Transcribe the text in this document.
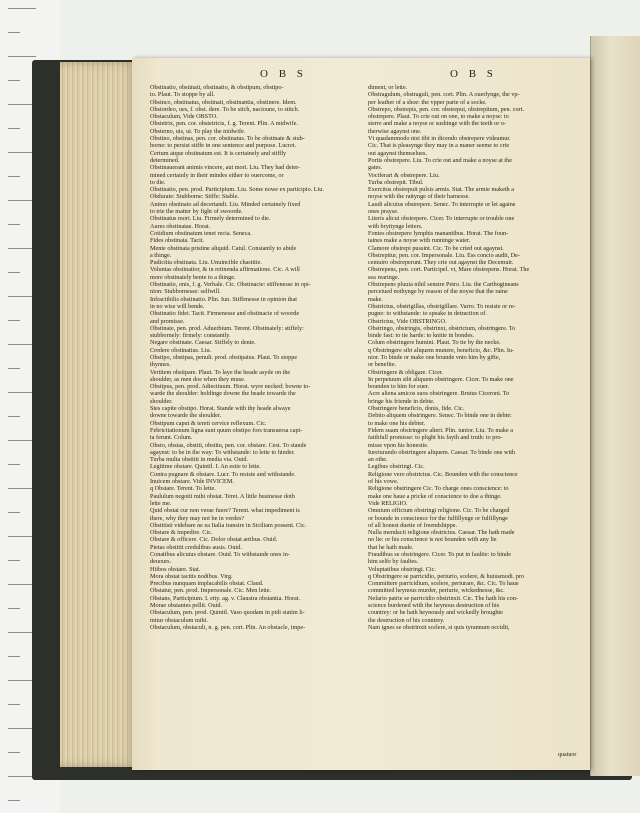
O B S	O B S
Obstinatio, obstinati, obstinatio, & obstipum, obstipo-
to. Plaut. To stoppe by all.
Obsinco, obstinatus, obstinati, obstinantia, obstinere. Idem.
Obstordeo, ues, f. obsi. dere. To be sitch, nacioune, to stitch.
Obstaculum, Vide OBSTO.
Obstetrix, pen. cor. obstetricis, f. g. Terent. Plin. A midwife.
Obsterno, uis, ui. To play the midwife.
Obstino, obstinas, pen. cor. obstinatus. To be obstinate & stub-
borne: to persist stiffe in one sentence and purpose. Lucret.
Certum atque obstinatum est. It is certainely and stiffly
determined.
Obstinauerant animis vincere, aut mori. Liu. They had deter-
mined certainly in their mindes either to ouercome, or
to die.
Obstinatio, pen. prod. Participium. Liu. Some nowe ex participio. Liu.
Obdurate: Stubborne: Stiffe: Stable.
Animo obstinato ad decertandi. Liu. Minded certainely fixed
to trie the matter by fight of swoorde.
Obstinatus mori. Liu. Firmely determined to die.
Aures obstinatae. Horat.
Cotidium obstinatum tenet recia. Seneca.
Fides obstinata. Tacit.
Mente obstinata pristine aliquid. Catul. Constantly to abide
a thinge.
Pudicitia obstinata. Liu. Unuincible chastitie.
Voluntas obstinatior, & in retinenda affirmatione. Cic. A will
more obstinately bente to a thinge.
Obstinatio, onis, f. g. Verbale. Cic. Obstinacie: stiffenesse in opi-
nion: Stubbornesse: selfwill.
Infractibilis obstinatio. Plin. Iun. Stiffenesse in opinion that
in no wise will bende.
Obstinatio fidei. Tacit. Firmenesse and obstinacie of woorde
and promisse.
Obstinate, pen. prod. Aduerbium. Terent. Obstinately: stiffely:
stubbornely: firmely: constantly.
Negare obstinate. Caesar. Stiffely to denie.
Credere obstinatius. Liu.
Obstipo, obstipas, penult. prod. obstipatus. Plaut. To stoppe
thynnes.
Vertitem obstipare. Plaut. To laye the heade asyde on the
shoulder, as men doe when they muse.
Obstipus, pen. prod. Adiectiuum. Horat. wyre necked: bowne to-
warde the shoulder: holdinge downe the heade towarde the
shoulder.
Stes capite obstipo. Horat. Stande with thy heade alwaye
downe towarde the shoulder.
Obstipum caput & tereti cervice reflexum. Cic.
Febricitationum ligna sunt quum obstipo fors transuersa capi-
ta ferunt. Colum.
Obsto, obstas, obstiti, obstitu, pen. cor. obstare. Cest. To stande
agaynst: to be in the way: To withstande: to lette to hinder.
Turba multa obstitit in media via. Ouid.
Legitime obstare. Quintil. I. An estie to lette.
Contra pugnare & obstare. Lucr. To resiste and withstande.
Inuicem obstare. Vide INVICEM.
q Obstare. Terent. To lette.
Paululum negotii mihi obstat. Teret. A little businesse doth
lette me.
Quid obstat cur non verae fuere? Terent. what impediment is
there, why they may not be in verdes?
Obstitisti videbare ne ea Italia transire in Siciliam possent. Cic.
Obstare & impedire. Cic.
Obstare & officere. Cic. Dolor obstat artibus. Ouid.
Pietas obstitit credulibus ausis. Ouid.
Conatibus alicuius obstare. Ouid. To withstande ones in-
deuours.
Hiibos obstare. Stat.
Mora obstat tacitis nodibus. Virg.
Precibus nunquam implacabilis obstat. Claud.
Obstatur, pen. prod. Impersonale. Cic. Men lette.
Obstans, Participium. I. etty. ag. v. Claustra obstantia. Horat.
Morae obstantes pellit. Ouid.
Obstaculum, pen. prod. Quintil. Vaso quodam in pidi statim li-
mitur obstaculum mihi.
Obstaculum, obstaculi, n. g. pen. cort. Plin. An obstacle, impe-
diment, or lette.
Obstragulum, obstraguli, pen. cort. Plin. A ouerlynge, the vp-
per leather of a shoe: the vpper parte of a socke.
Obstrepo, obstrepis, pen. cor. obstrepui, obstrepitum, pen. cort.
obstrepere. Plaut. To crie out on one, to make a noyse: to
sterre and make a noyse or sushinge with the teeth or o-
therwise agaynst one.
Vt quadammodo nisi tibi in dicendo obstrepere videamur.
Cic. That is pleasynge they may in a maner seeme to crie
out agaynst themselues.
Portis obstrepere. Liu. To crie out and make a noyse at the
gates.
Vociferari & obstrepere. Liu.
Turba obstrepit. Tibul.
Exercitus obstrepuit pulsis armis. Stat. The armie maketh a
noyse with the rattynge of their harnesse.
Laudi alicuius obstrepere. Senec. To interrupte or let againe
ones prayse.
Literis alicui obstrepere. Cicer. To interrupte or trouble one
with bryttynge letters.
Fontes obstrepere lymphis manantibus. Horat. The foun-
taines make a noyse with runninge water.
Clamore obstrepi pussint. Cic. To be cried out agaynst.
Obstrepitur, pen. cor. Impersonale. Liu. Ess concio audit, De-
cemuiro obstreperunt. They crie out agaynst the Decemuir.
Obstrepens, pen. cort. Participel. vt, Mare obstrepens. Horat. The
sea rearinge.
Obstrepens pluuia nihil senstre Petro. Liu. the Carthogineans
perceiued nothynge by reason of the noyse that the raine
make.
Obstrictus, obstrigillas, obstrigillare. Varro. To resiste or re-
pugne: to withstande: to speake in detraction of.
Obstrictus, Vide OBSTRINGO.
Obstringo, obstringis, obstrinxi, obstrictum, obstringere. To
binde fast: to tie harde: to knitte in bondes.
Colum obstringere humini. Plaut. To tie by the necke.
q Obstringere sibi aliquem munere, beneficio, &c. Plin. Iu-
nior. To binde or make one bounde vnto him by gifte,
or benefite.
Obstringere & obligare. Cicer.
In perpetuum sibi aliquem obstringere. Cicer. To make one
bounden to him for euer.
Acre aliena amicos suos obstringere. Brutus Ciceroni. To
bringe his friende in debte.
Obstringere beneficio, donis, fide. Cic.
Debito aliquem obstringere. Senec. To binde one in debte:
to make one his debter.
Fidem suam obstringere alteri. Plin. iunior. Liu. To make a
faithfull promisse: to plight his fayth and truth: to pro-
misse vpon his honestie.
Iureiurando obstringere aliquem. Caesar. To binde one with
an othe.
Legibus obstringi. Cic.
Religione vero obstrictus. Cic. Bounden with the conscience
of his vowe.
Religione obstringere Cic. To charge ones conscience: to
make one haue a pricke of conscience to doe a thinge.
Vide RELIGIO.
Omnium officium obstringi religione. Cic. To be charged
or bounde in conscience for the fulfillynge or fulfillynge
of all honest duetie of freendshippe.
Nulla mendacii religione obstrictus. Caesar. The hath made
no lie: or his conscience is not bounden with any lie
that he hath made.
Fraudibus se obstringere. Cicer. To put in faultie: to binde
him selfe by faultes.
Voluptatibus obstringi. Cic.
q Obstringere se parricidio, periurio, scelere, & huiusmodi. pro
Committere parricidium, scelere, periurare, &c. Cic. To haue
committed heynous murder, periurie, wickednesse, &c.
Nefario patrie se parricidio obstrinxit. Cic. The hath his con-
science burdened with the heynous destruction of his
countrey: or he hath heynously and wickedly broughte
the destruction of his countrey.
Nam ignes se obstrinxit scelere, si quis tyrannum occidit,
quatuor
